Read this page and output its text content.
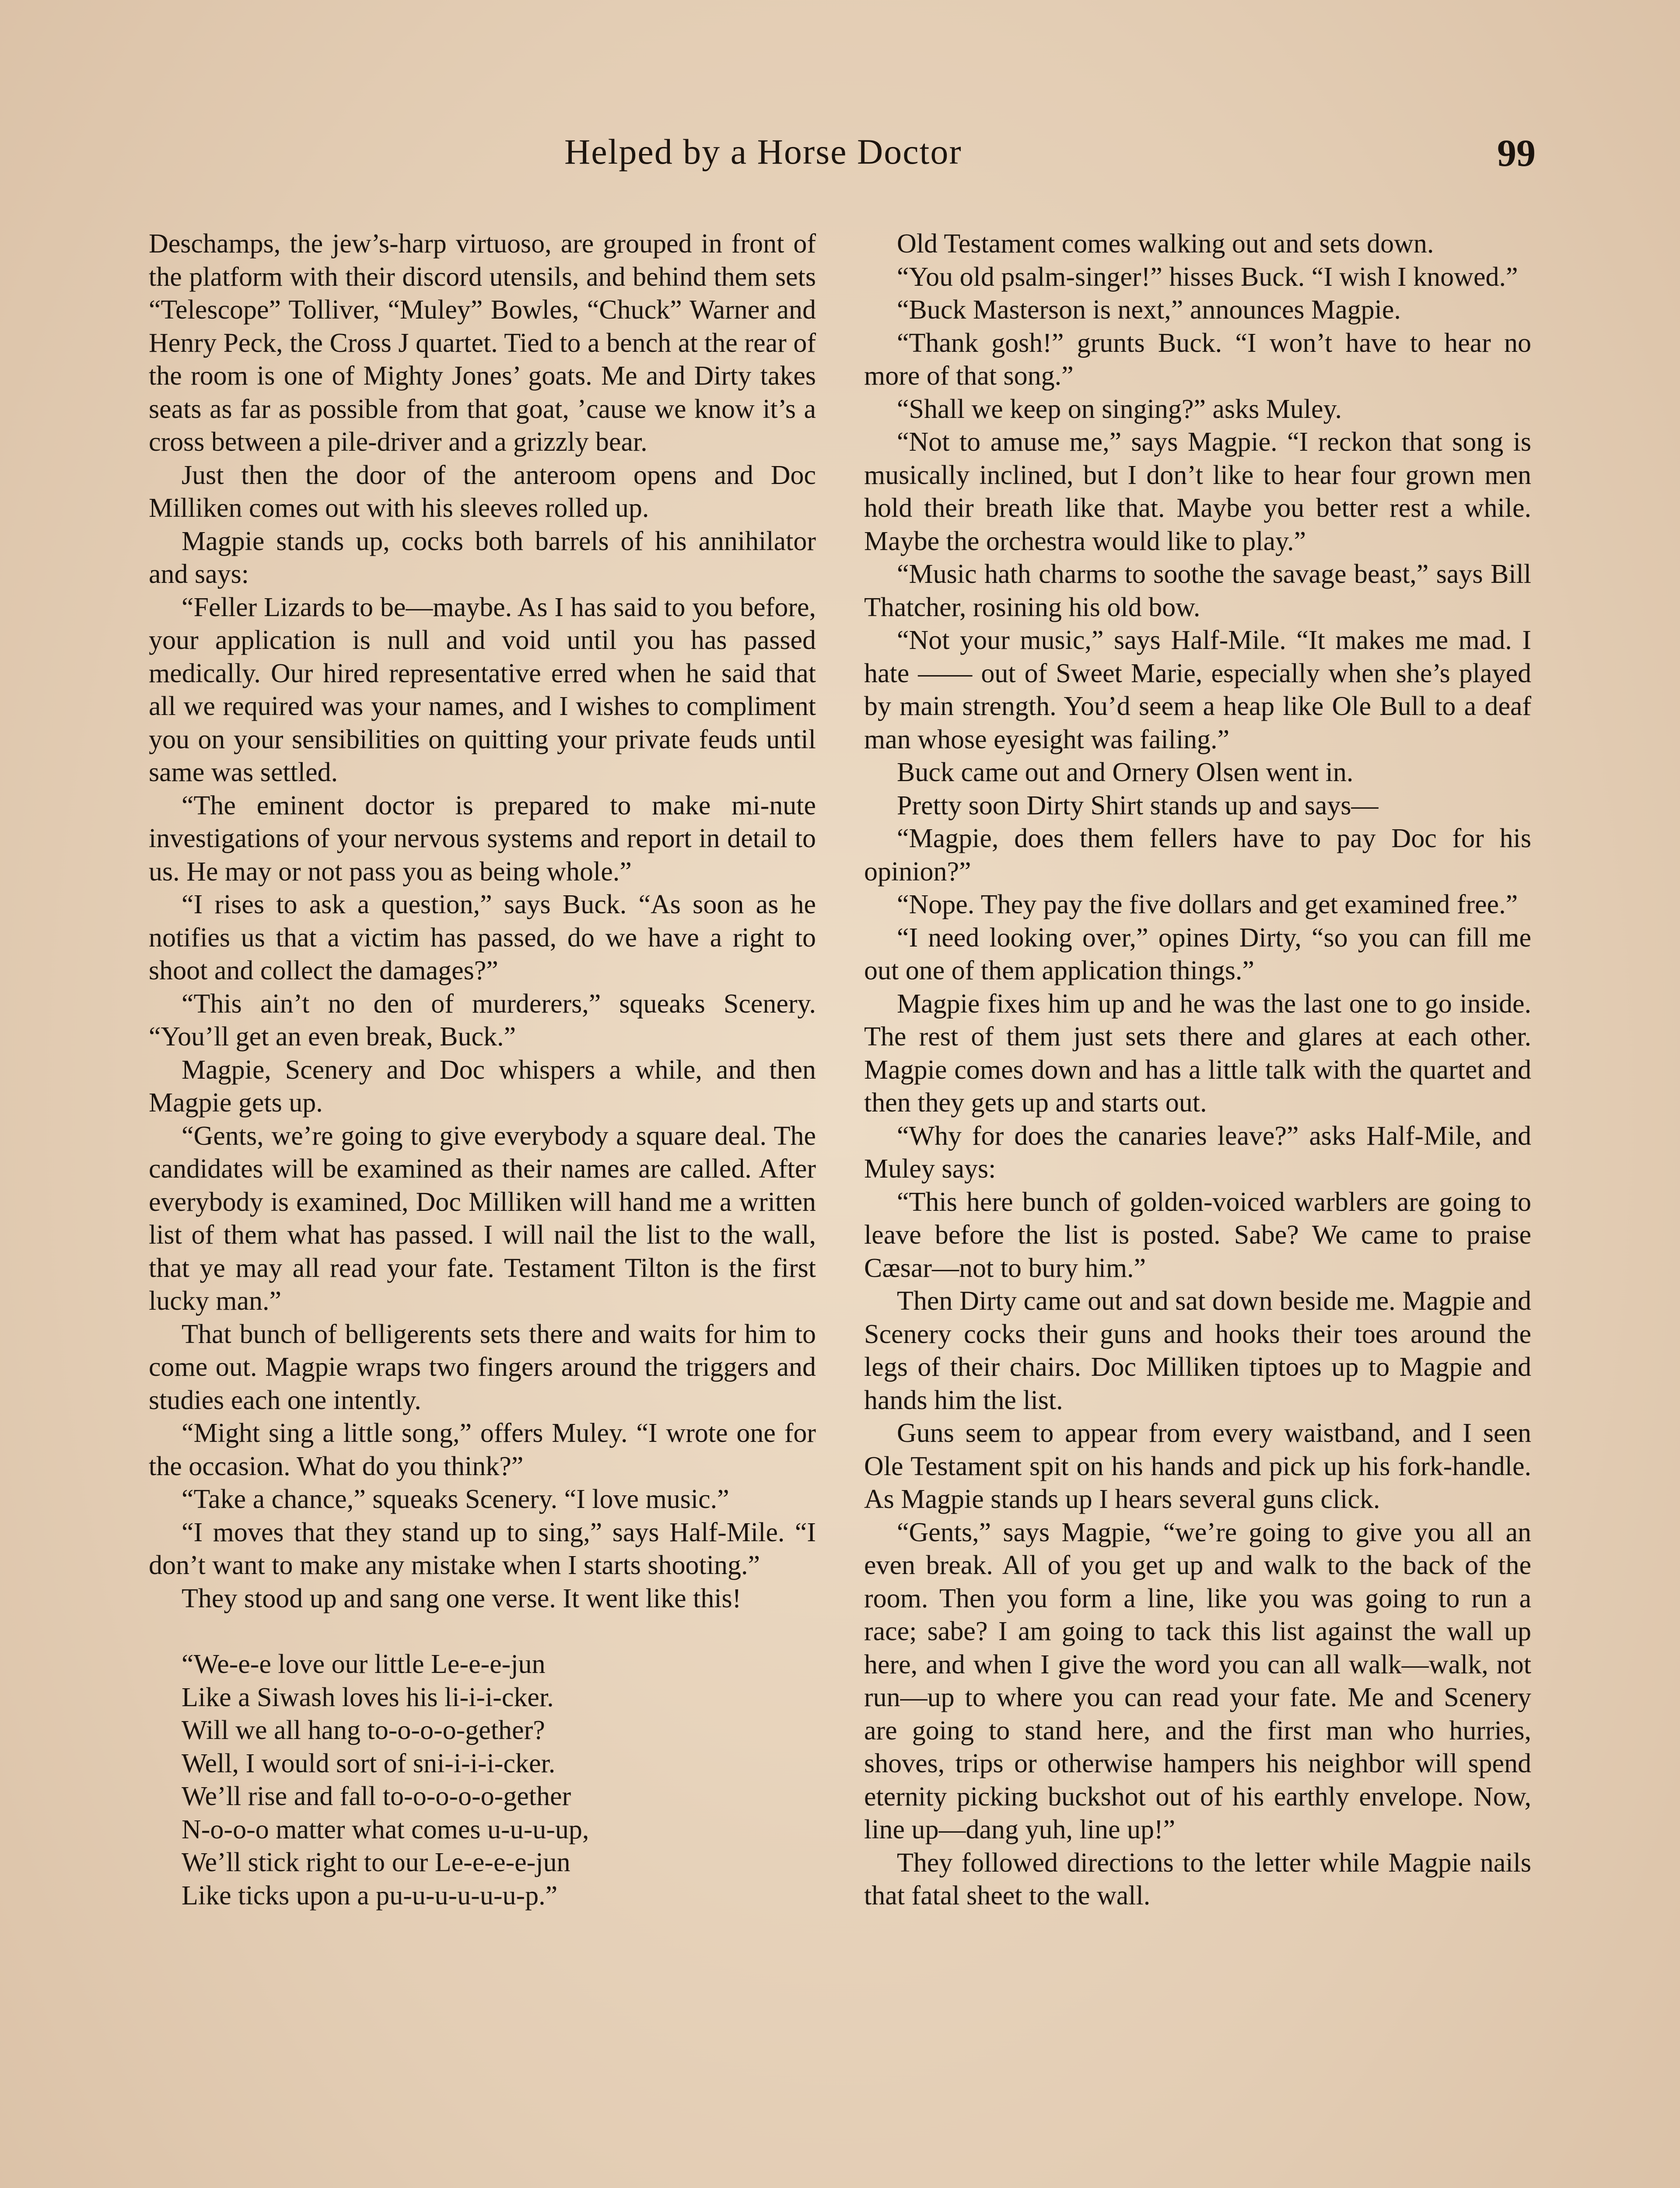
Helped by a Horse Doctor	99

Deschamps, the jew’s-harp virtuoso, are grouped in front of the platform with their discord utensils, and behind them sets “Telescope” Tolliver, “Muley” Bowles, “Chuck” Warner and Henry Peck, the Cross J quartet. Tied to a bench at the rear of the room is one of Mighty Jones’ goats. Me and Dirty takes seats as far as possible from that goat, ’cause we know it’s a cross between a pile-driver and a grizzly bear.

Just then the door of the anteroom opens and Doc Milliken comes out with his sleeves rolled up.

Magpie stands up, cocks both barrels of his annihilator and says:

“Feller Lizards to be—maybe. As I has said to you before, your application is null and void until you has passed medically. Our hired representative erred when he said that all we required was your names, and I wishes to compliment you on your sensibilities on quitting your private feuds until same was settled.

“The eminent doctor is prepared to make mi-nute investigations of your nervous systems and report in detail to us. He may or not pass you as being whole.”

“I rises to ask a question,” says Buck. “As soon as he notifies us that a victim has passed, do we have a right to shoot and collect the damages?”

“This ain’t no den of murderers,” squeaks Scenery. “You’ll get an even break, Buck.”

Magpie, Scenery and Doc whispers a while, and then Magpie gets up.

“Gents, we’re going to give everybody a square deal. The candidates will be examined as their names are called. After everybody is examined, Doc Milliken will hand me a written list of them what has passed. I will nail the list to the wall, that ye may all read your fate. Testament Tilton is the first lucky man.”

That bunch of belligerents sets there and waits for him to come out. Magpie wraps two fingers around the triggers and studies each one intently.

“Might sing a little song,” offers Muley. “I wrote one for the occasion. What do you think?”

“Take a chance,” squeaks Scenery. “I love music.”

“I moves that they stand up to sing,” says Half-Mile. “I don’t want to make any mistake when I starts shooting.”

They stood up and sang one verse. It went like this!

“We-e-e love our little Le-e-e-jun
Like a Siwash loves his li-i-i-cker.
Will we all hang to-o-o-o-gether?
Well, I would sort of sni-i-i-i-cker.
We’ll rise and fall to-o-o-o-o-gether
N-o-o-o matter what comes u-u-u-up,
We’ll stick right to our Le-e-e-e-jun
Like ticks upon a pu-u-u-u-u-u-p.”

Old Testament comes walking out and sets down.

“You old psalm-singer!” hisses Buck. “I wish I knowed.”

“Buck Masterson is next,” announces Magpie.

“Thank gosh!” grunts Buck. “I won’t have to hear no more of that song.”

“Shall we keep on singing?” asks Muley.

“Not to amuse me,” says Magpie. “I reckon that song is musically inclined, but I don’t like to hear four grown men hold their breath like that. Maybe you better rest a while. Maybe the orchestra would like to play.”

“Music hath charms to soothe the savage beast,” says Bill Thatcher, rosining his old bow.

“Not your music,” says Half-Mile. “It makes me mad. I hate —— out of Sweet Marie, especially when she’s played by main strength. You’d seem a heap like Ole Bull to a deaf man whose eyesight was failing.”

Buck came out and Ornery Olsen went in.

Pretty soon Dirty Shirt stands up and says—

“Magpie, does them fellers have to pay Doc for his opinion?”

“Nope. They pay the five dollars and get examined free.”

“I need looking over,” opines Dirty, “so you can fill me out one of them application things.”

Magpie fixes him up and he was the last one to go inside. The rest of them just sets there and glares at each other. Magpie comes down and has a little talk with the quartet and then they gets up and starts out.

“Why for does the canaries leave?” asks Half-Mile, and Muley says:

“This here bunch of golden-voiced warblers are going to leave before the list is posted. Sabe? We came to praise Cæsar—not to bury him.”

Then Dirty came out and sat down beside me. Magpie and Scenery cocks their guns and hooks their toes around the legs of their chairs. Doc Milliken tiptoes up to Magpie and hands him the list.

Guns seem to appear from every waistband, and I seen Ole Testament spit on his hands and pick up his fork-handle. As Magpie stands up I hears several guns click.

“Gents,” says Magpie, “we’re going to give you all an even break. All of you get up and walk to the back of the room. Then you form a line, like you was going to run a race; sabe? I am going to tack this list against the wall up here, and when I give the word you can all walk—walk, not run—up to where you can read your fate. Me and Scenery are going to stand here, and the first man who hurries, shoves, trips or otherwise hampers his neighbor will spend eternity picking buckshot out of his earthly envelope. Now, line up—dang yuh, line up!”

They followed directions to the letter while Magpie nails that fatal sheet to the wall.
